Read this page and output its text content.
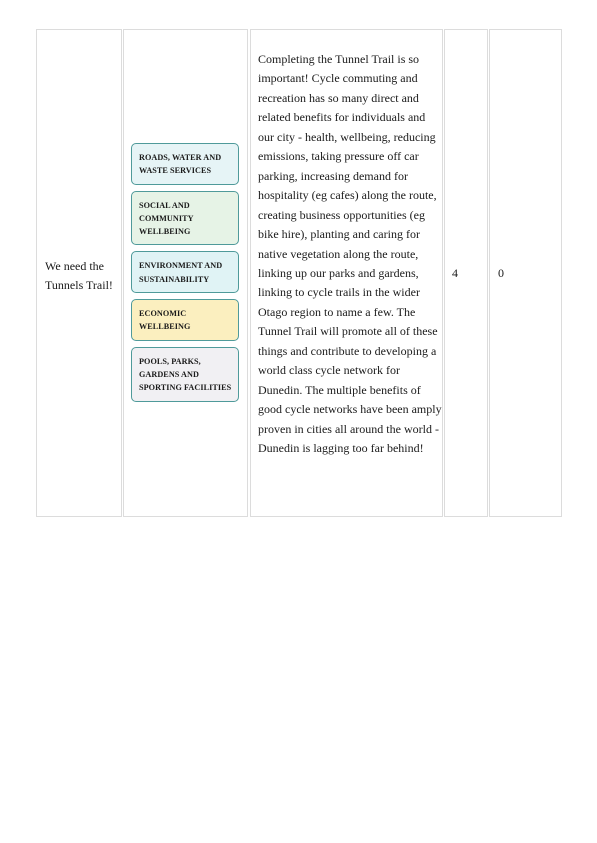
We need the Tunnels Trail!
ROADS, WATER AND WASTE SERVICES
SOCIAL AND COMMUNITY WELLBEING
ENVIRONMENT AND SUSTAINABILITY
ECONOMIC WELLBEING
POOLS, PARKS, GARDENS AND SPORTING FACILITIES
Completing the Tunnel Trail is so important! Cycle commuting and recreation has so many direct and related benefits for individuals and our city - health, wellbeing, reducing emissions, taking pressure off car parking, increasing demand for hospitality (eg cafes) along the route, creating business opportunities (eg bike hire), planting and caring for native vegetation along the route, linking up our parks and gardens, linking to cycle trails in the wider Otago region to name a few. The Tunnel Trail will promote all of these things and contribute to developing a world class cycle network for Dunedin. The multiple benefits of good cycle networks have been amply proven in cities all around the world - Dunedin is lagging too far behind!
4	0
